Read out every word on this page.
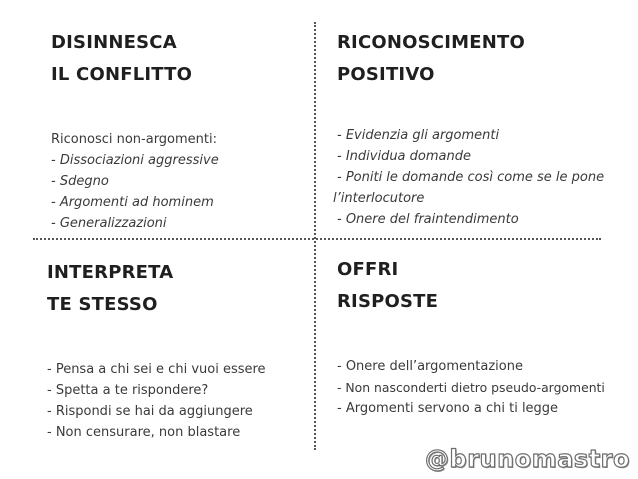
DISINNESCA
IL CONFLITTO
Riconosci non-argomenti:
- Dissociazioni aggressive
- Sdegno
- Argomenti ad hominem
- Generalizzazioni
RICONOSCIMENTO
POSITIVO
- Evidenzia gli argomenti
- Individua domande
- Poniti le domande così come se le pone l’interlocutore
- Onere del fraintendimento
INTERPRETA
TE STESSO
- Pensa a chi sei e chi vuoi essere
- Spetta a te rispondere?
- Rispondi se hai da aggiungere
- Non censurare, non blastare
OFFRI
RISPOSTE
- Onere dell’argomentazione
- Non nasconderti dietro pseudo-argomenti
- Argomenti servono a chi ti legge
@brunomastro
